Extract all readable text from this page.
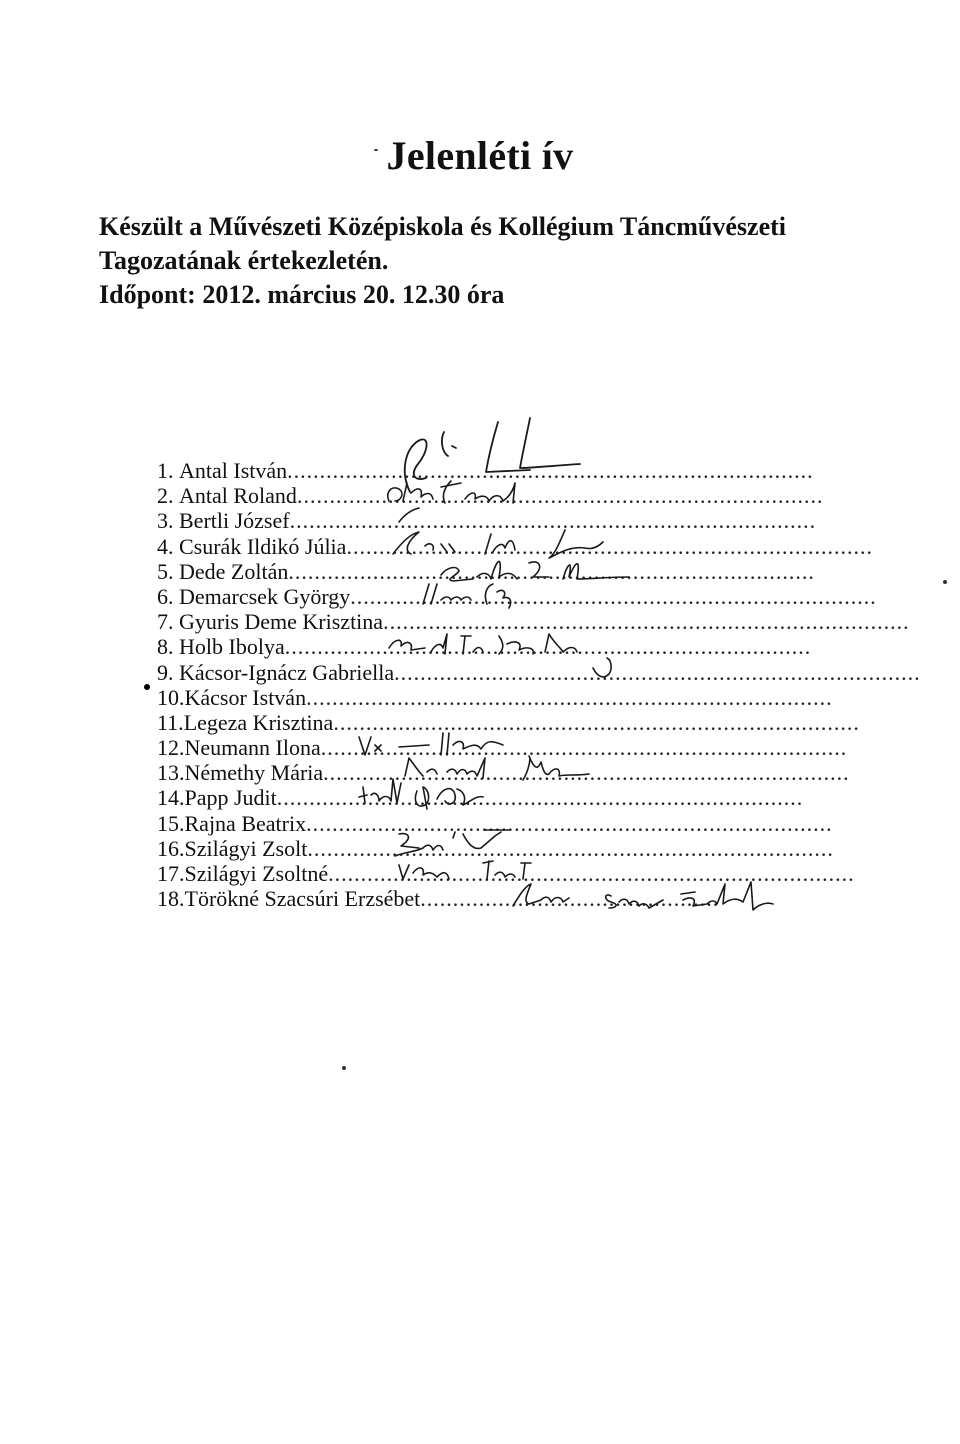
Jelenléti ív
Készült a Művészeti Középiskola és Kollégium Táncművészeti
Tagozatának értekezletén.
Időpont: 2012. március 20. 12.30 óra
1.
Antal István .................................................................................
2.
Antal Roland .................................................................................
3.
Bertli József .................................................................................
4.
Csurák Ildikó Júlia .................................................................................
5.
Dede Zoltán .................................................................................
6.
Demarcsek György .................................................................................
7.
Gyuris Deme Krisztina .................................................................................
8.
Holb Ibolya .................................................................................
9.
Kácsor-Ignácz Gabriella .................................................................................
10. Kácsor István .................................................................................
11. Legeza Krisztina .................................................................................
12. Neumann Ilona .................................................................................
13. Némethy Mária .................................................................................
14. Papp Judit .................................................................................
15. Rajna Beatrix .................................................................................
16. Szilágyi Zsolt .................................................................................
17. Szilágyi Zsoltné .................................................................................
18. Törökné Szacsúri Erzsébet ..............................................
